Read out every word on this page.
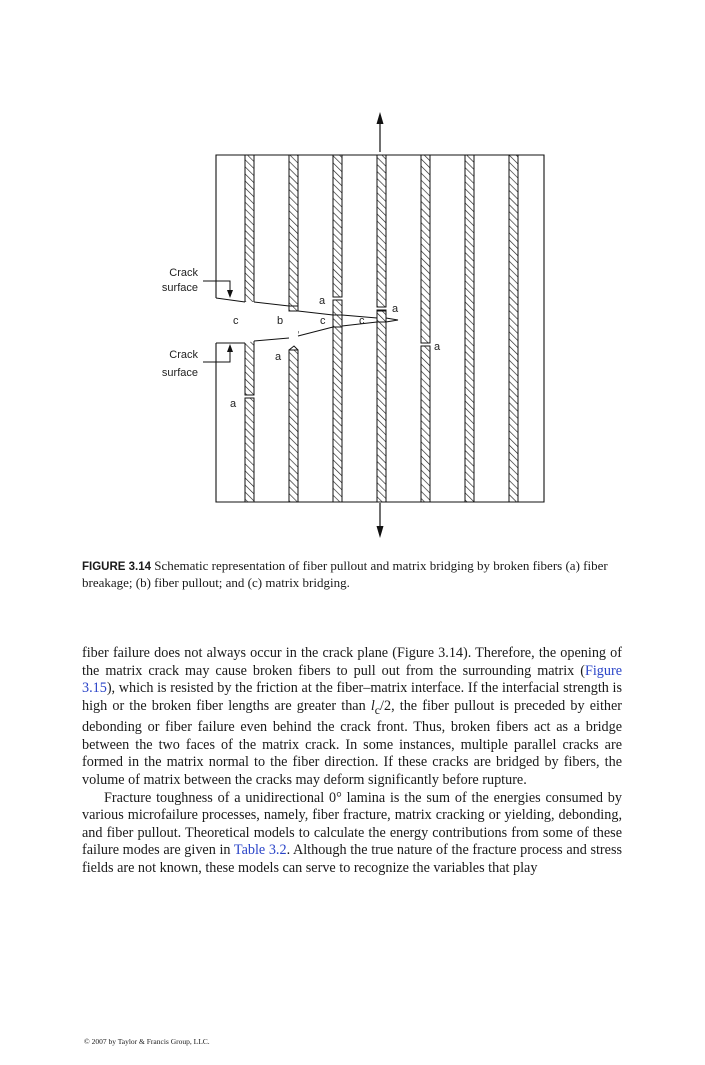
Crack
surface
Crack
surface
c	b	c	c
a
a
a
a
a
FIGURE 3.14 Schematic representation of fiber pullout and matrix bridging by broken fibers (a) fiber breakage; (b) fiber pullout; and (c) matrix bridging.

fiber failure does not always occur in the crack plane (Figure 3.14). Therefore, the opening of the matrix crack may cause broken fibers to pull out from the surrounding matrix (Figure 3.15), which is resisted by the friction at the fiber–matrix interface. If the interfacial strength is high or the broken fiber lengths are greater than $l_c/2$, the fiber pullout is preceded by either debonding or fiber failure even behind the crack front. Thus, broken fibers act as a bridge between the two faces of the matrix crack. In some instances, multiple parallel cracks are formed in the matrix normal to the fiber direction. If these cracks are bridged by fibers, the volume of matrix between the cracks may deform significantly before rupture.

Fracture toughness of a unidirectional 0° lamina is the sum of the energies consumed by various microfailure processes, namely, fiber fracture, matrix cracking or yielding, debonding, and fiber pullout. Theoretical models to calculate the energy contributions from some of these failure modes are given in Table 3.2. Although the true nature of the fracture process and stress fields are not known, these models can serve to recognize the variables that play

© 2007 by Taylor & Francis Group, LLC.
